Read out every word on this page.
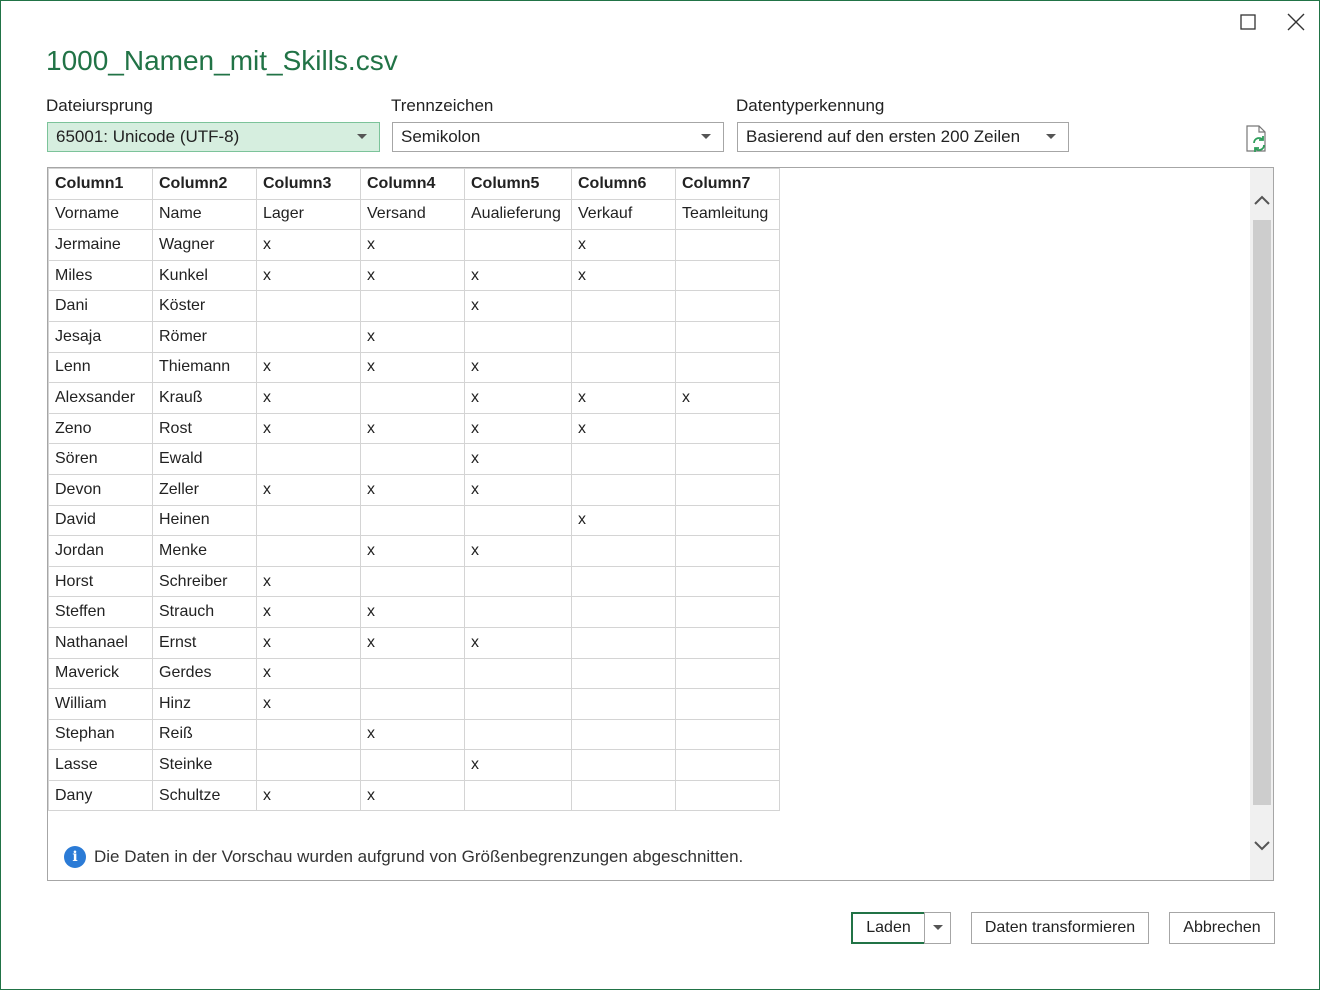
1000_Namen_mit_Skills.csv
Dateiursprung	Trennzeichen	Datentyperkennung
65001: Unicode (UTF-8)	Semikolon	Basierend auf den ersten 200 Zeilen
Column1	Column2	Column3	Column4	Column5	Column6	Column7
Vorname	Name	Lager	Versand	Aualieferung	Verkauf	Teamleitung
Jermaine	Wagner	x	x		x	
Miles	Kunkel	x	x	x	x	
Dani	Köster			x		
Jesaja	Römer		x			
Lenn	Thiemann	x	x	x		
Alexsander	Krauß	x		x	x	x
Zeno	Rost	x	x	x	x	
Sören	Ewald			x		
Devon	Zeller	x	x	x		
David	Heinen				x	
Jordan	Menke		x	x		
Horst	Schreiber	x				
Steffen	Strauch	x	x			
Nathanael	Ernst	x	x	x		
Maverick	Gerdes	x				
William	Hinz	x				
Stephan	Reiß		x			
Lasse	Steinke			x		
Dany	Schultze	x	x			
i Die Daten in der Vorschau wurden aufgrund von Größenbegrenzungen abgeschnitten.
Laden	Daten transformieren	Abbrechen
